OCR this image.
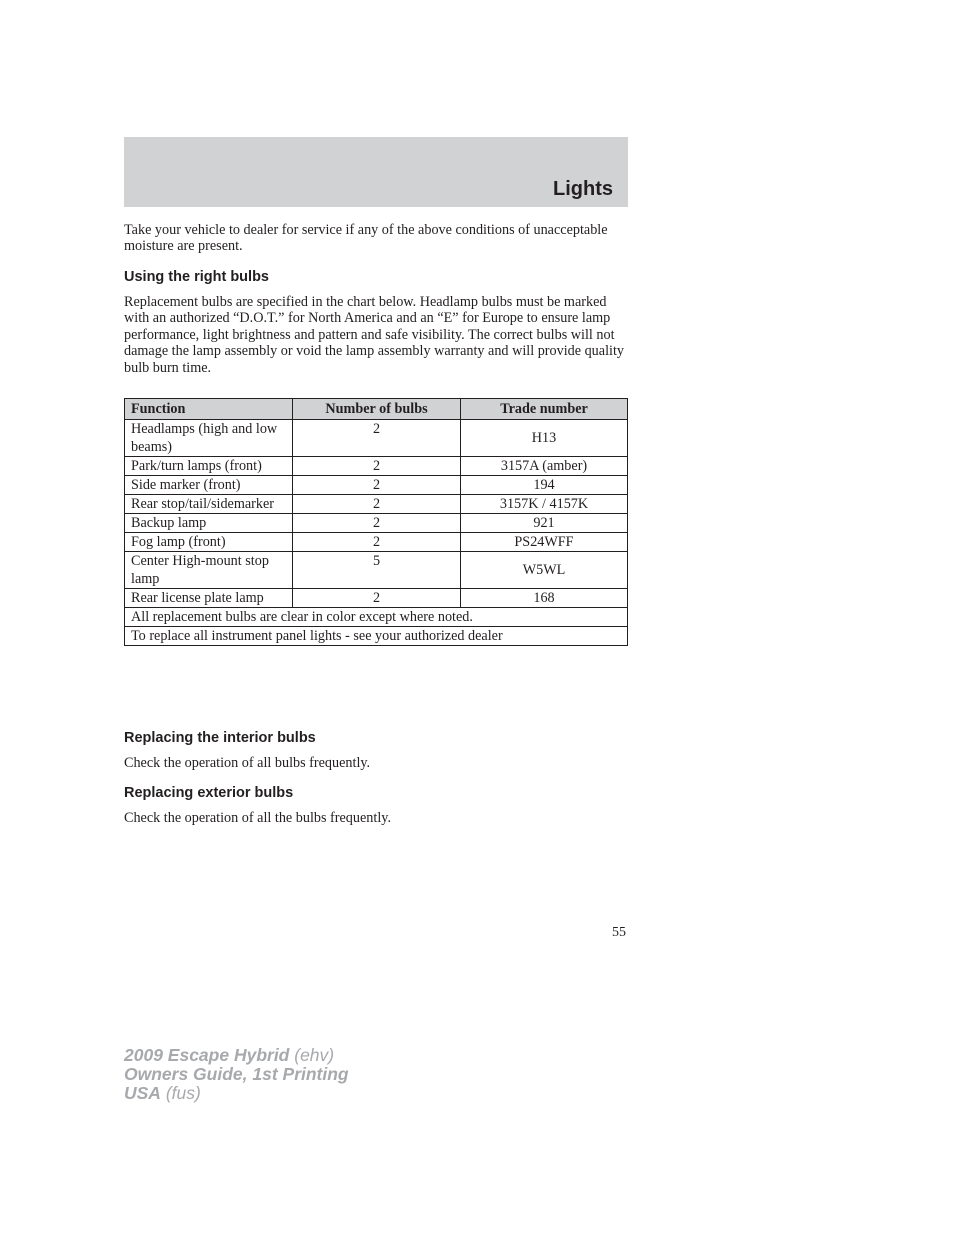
Lights
Take your vehicle to dealer for service if any of the above conditions of unacceptable moisture are present.
Using the right bulbs
Replacement bulbs are specified in the chart below. Headlamp bulbs must be marked with an authorized “D.O.T.” for North America and an “E” for Europe to ensure lamp performance, light brightness and pattern and safe visibility. The correct bulbs will not damage the lamp assembly or void the lamp assembly warranty and will provide quality bulb burn time.
Function	Number of bulbs	Trade number
Headlamps (high and low beams)	2	H13
Park/turn lamps (front)	2	3157A (amber)
Side marker (front)	2	194
Rear stop/tail/sidemarker	2	3157K / 4157K
Backup lamp	2	921
Fog lamp (front)	2	PS24WFF
Center High-mount stop lamp	5	W5WL
Rear license plate lamp	2	168
All replacement bulbs are clear in color except where noted.		
To replace all instrument panel lights - see your authorized dealer		
Replacing the interior bulbs
Check the operation of all bulbs frequently.
Replacing exterior bulbs
Check the operation of all the bulbs frequently.
55
2009 Escape Hybrid (ehv)
Owners Guide, 1st Printing
USA (fus)
